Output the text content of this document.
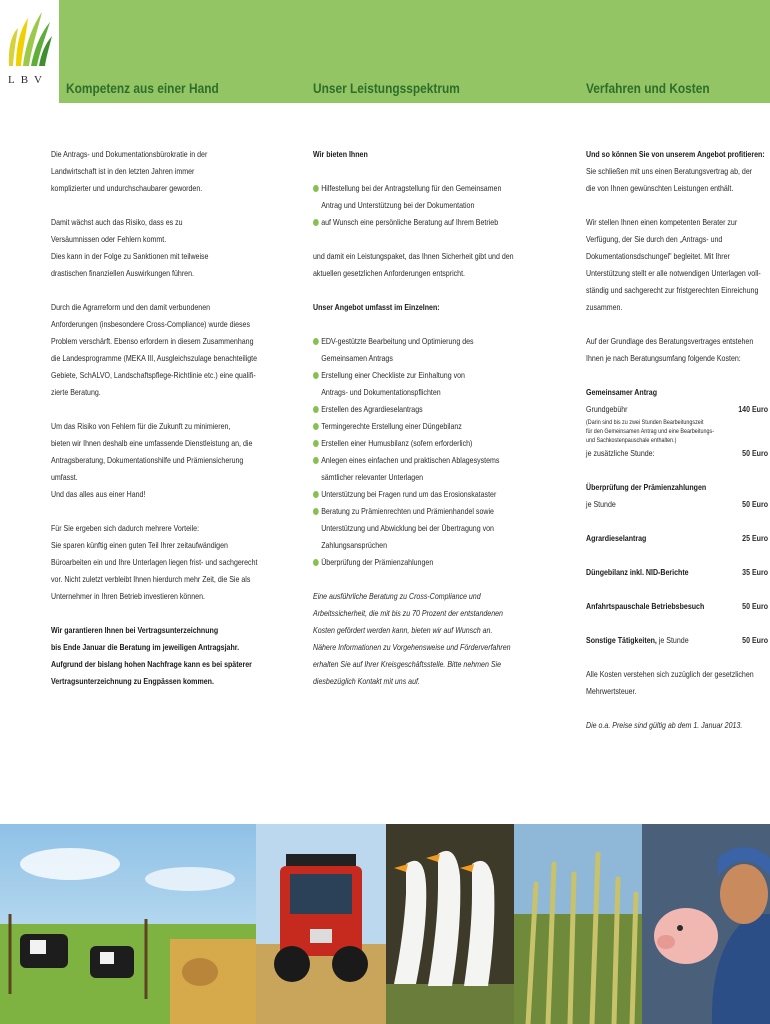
LBV Kompetenz aus einer Hand	Unser Leistungsspektrum	Verfahren und Kosten

Die Antrags- und Dokumentationsbürokratie in der
Landwirtschaft ist in den letzten Jahren immer
komplizierter und undurchschaubarer geworden.

Damit wächst auch das Risiko, dass es zu
Versäumnissen oder Fehlern kommt.
Dies kann in der Folge zu Sanktionen mit teilweise
drastischen finanziellen Auswirkungen führen.

Durch die Agrarreform und den damit verbundenen
Anforderungen (insbesondere Cross-Compliance) wurde dieses
Problem verschärft. Ebenso erfordern in diesem Zusammenhang
die Landesprogramme (MEKA III, Ausgleichszulage benachteiligte
Gebiete, SchALVO, Landschaftspflege-Richtlinie etc.) eine qualifi-
zierte Beratung.

Um das Risiko von Fehlern für die Zukunft zu minimieren,
bieten wir Ihnen deshalb eine umfassende Dienstleistung an, die
Antragsberatung, Dokumentationshilfe und Prämiensicherung
umfasst.
Und das alles aus einer Hand!

Für Sie ergeben sich dadurch mehrere Vorteile:
Sie sparen künftig einen guten Teil Ihrer zeitaufwändigen
Büroarbeiten ein und Ihre Unterlagen liegen frist- und sachgerecht
vor. Nicht zuletzt verbleibt Ihnen hierdurch mehr Zeit, die Sie als
Unternehmer in Ihren Betrieb investieren können.

Wir garantieren Ihnen bei Vertragsunterzeichnung
bis Ende Januar die Beratung im jeweiligen Antragsjahr.
Aufgrund der bislang hohen Nachfrage kann es bei späterer
Vertragsunterzeichnung zu Engpässen kommen.

Wir bieten Ihnen

Hilfestellung bei der Antragstellung für den Gemeinsamen
Antrag und Unterstützung bei der Dokumentation
auf Wunsch eine persönliche Beratung auf Ihrem Betrieb

und damit ein Leistungspaket, das Ihnen Sicherheit gibt und den
aktuellen gesetzlichen Anforderungen entspricht.

Unser Angebot umfasst im Einzelnen:

EDV-gestützte Bearbeitung und Optimierung des
Gemeinsamen Antrags
Erstellung einer Checkliste zur Einhaltung von
Antrags- und Dokumentationspflichten
Erstellen des Agrardieselantrags
Termingerechte Erstellung einer Düngebilanz
Erstellen einer Humusbilanz (sofern erforderlich)
Anlegen eines einfachen und praktischen Ablagesystems
sämtlicher relevanter Unterlagen
Unterstützung bei Fragen rund um das Erosionskataster
Beratung zu Prämienrechten und Prämienhandel sowie
Unterstützung und Abwicklung bei der Übertragung von
Zahlungsansprüchen
Überprüfung der Prämienzahlungen

Eine ausführliche Beratung zu Cross-Compliance und
Arbeitssicherheit, die mit bis zu 70 Prozent der entstandenen
Kosten gefördert werden kann, bieten wir auf Wunsch an.
Nähere Informationen zu Vorgehensweise und Förderverfahren
erhalten Sie auf Ihrer Kreisgeschäftsstelle. Bitte nehmen Sie
diesbezüglich Kontakt mit uns auf.

Und so können Sie von unserem Angebot profitieren:

Sie schließen mit uns einen Beratungsvertrag ab, der
die von Ihnen gewünschten Leistungen enthält.

Wir stellen Ihnen einen kompetenten Berater zur
Verfügung, der Sie durch den „Antrags- und
Dokumentationsdschungel" begleitet. Mit Ihrer
Unterstützung stellt er alle notwendigen Unterlagen voll-
ständig und sachgerecht zur fristgerechten Einreichung
zusammen.

Auf der Grundlage des Beratungsvertrages entstehen
Ihnen je nach Beratungsumfang folgende Kosten:

Gemeinsamer Antrag
Grundgebühr	140 Euro
(Darin sind bis zu zwei Stunden Bearbeitungszeit
für den Gemeinsamen Antrag und eine Bearbeitungs-
und Sachkostenpauschale enthalten.)
je zusätzliche Stunde:	50 Euro
Überprüfung der Prämienzahlungen
je Stunde	50 Euro
Agrardieselantrag	25 Euro
Düngebilanz inkl. NID-Berichte	35 Euro
Anfahrtspauschale Betriebsbesuch	50 Euro
Sonstige Tätigkeiten, je Stunde	50 Euro

Alle Kosten verstehen sich zuzüglich der gesetzlichen
Mehrwertsteuer.

Die o.a. Preise sind gültig ab dem 1. Januar 2013.
